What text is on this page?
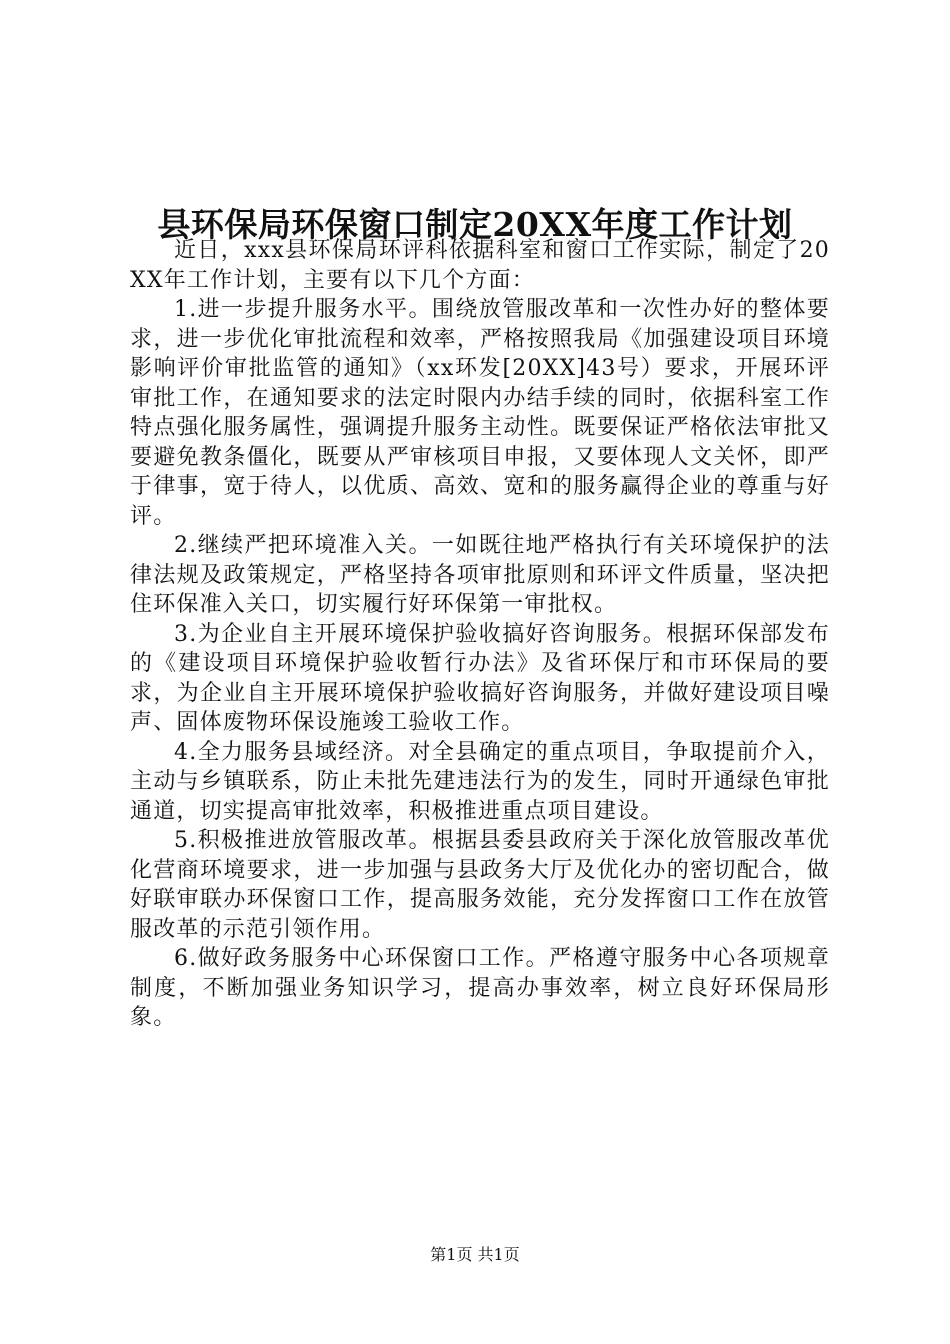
县环保局环保窗口制定20XX年度工作计划

近日，xxx县环保局环评科依据科室和窗口工作实际，制定了20XX年工作计划，主要有以下几个方面：

1.进一步提升服务水平。围绕放管服改革和一次性办好的整体要求，进一步优化审批流程和效率，严格按照我局《加强建设项目环境影响评价审批监管的通知》（xx环发[20XX]43号）要求，开展环评审批工作，在通知要求的法定时限内办结手续的同时，依据科室工作特点强化服务属性，强调提升服务主动性。既要保证严格依法审批又要避免教条僵化，既要从严审核项目申报，又要体现人文关怀，即严于律事，宽于待人，以优质、高效、宽和的服务赢得企业的尊重与好评。

2.继续严把环境准入关。一如既往地严格执行有关环境保护的法律法规及政策规定，严格坚持各项审批原则和环评文件质量，坚决把住环保准入关口，切实履行好环保第一审批权。

3.为企业自主开展环境保护验收搞好咨询服务。根据环保部发布的《建设项目环境保护验收暂行办法》及省环保厅和市环保局的要求，为企业自主开展环境保护验收搞好咨询服务，并做好建设项目噪声、固体废物环保设施竣工验收工作。

4.全力服务县域经济。对全县确定的重点项目，争取提前介入，主动与乡镇联系，防止未批先建违法行为的发生，同时开通绿色审批通道，切实提高审批效率，积极推进重点项目建设。

5.积极推进放管服改革。根据县委县政府关于深化放管服改革优化营商环境要求，进一步加强与县政务大厅及优化办的密切配合，做好联审联办环保窗口工作，提高服务效能，充分发挥窗口工作在放管服改革的示范引领作用。

6.做好政务服务中心环保窗口工作。严格遵守服务中心各项规章制度，不断加强业务知识学习，提高办事效率，树立良好环保局形象。

第1页 共1页
